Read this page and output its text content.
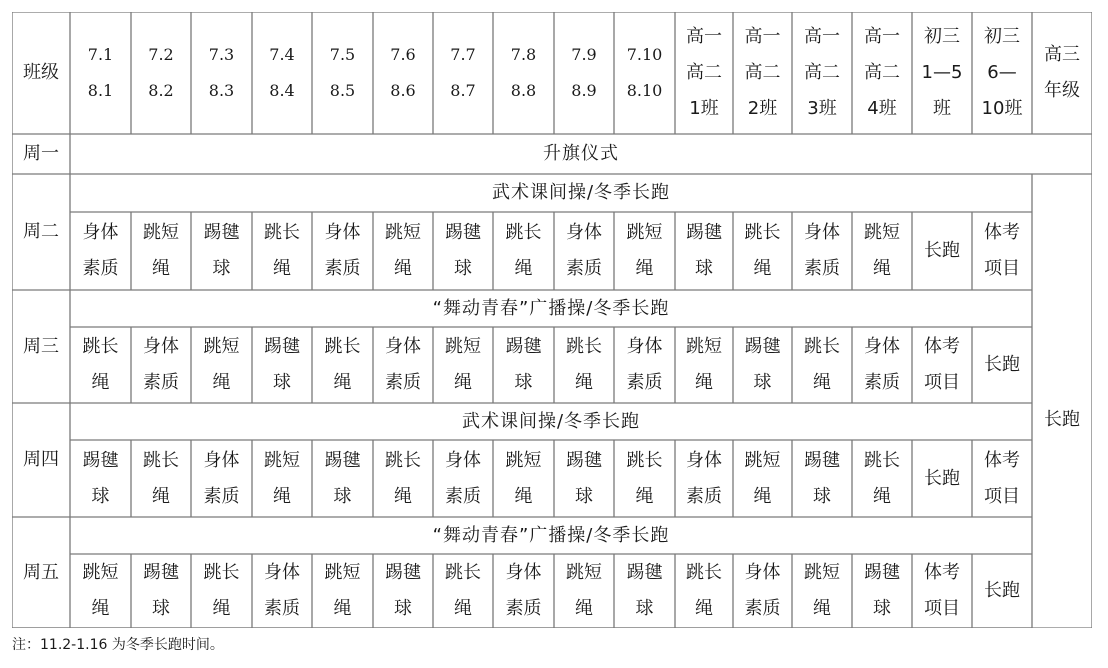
班级
7.1
8.1
7.2
8.2
7.3
8.3
7.4
8.4
7.5
8.5
7.6
8.6
7.7
8.7
7.8
8.8
7.9
8.9
7.10
8.10
高一
高二
1班
高一
高二
2班
高一
高二
3班
高一
高二
4班
初三
1—5
班
初三
6—
10班
高三
年级
周一	升旗仪式
长跑
周二
武术课间操/冬季长跑
身体
素质
跳短
绳
踢毽
球
跳长
绳
身体
素质
跳短
绳
踢毽
球
跳长
绳
身体
素质
跳短
绳
踢毽
球
跳长
绳
身体
素质
跳短
绳
长跑
体考
项目
周三
“舞动青春”广播操/冬季长跑
跳长
绳
身体
素质
跳短
绳
踢毽
球
跳长
绳
身体
素质
跳短
绳
踢毽
球
跳长
绳
身体
素质
跳短
绳
踢毽
球
跳长
绳
身体
素质
体考
项目
长跑
周四
武术课间操/冬季长跑
踢毽
球
跳长
绳
身体
素质
跳短
绳
踢毽
球
跳长
绳
身体
素质
跳短
绳
踢毽
球
跳长
绳
身体
素质
跳短
绳
踢毽
球
跳长
绳
长跑
体考
项目
周五
“舞动青春”广播操/冬季长跑
跳短
绳
踢毽
球
跳长
绳
身体
素质
跳短
绳
踢毽
球
跳长
绳
身体
素质
跳短
绳
踢毽
球
跳长
绳
身体
素质
跳短
绳
踢毽
球
体考
项目
长跑
注：11.2-1.16 为冬季长跑时间。
